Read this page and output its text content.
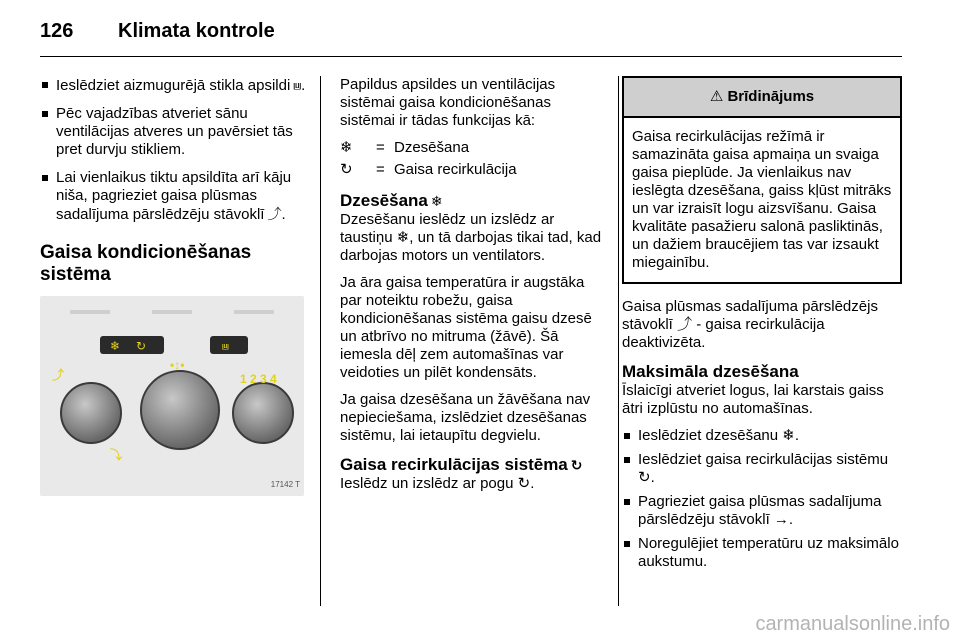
126 Klimata kontrole
Ieslēdziet aizmugurējā stikla apsildi ⩏.
Pēc vajadzības atveriet sānu ventilācijas atveres un pavērsiet tās pret durvju stikliem.
Lai vienlaikus tiktu apsildīta arī kāju niša, pagrieziet gaisa plūsmas sadalījuma pārslēdzēju stāvoklī ⤴.
Gaisa kondicionēšanas sistēma
❄ ↻	⩏
•↕•
1 2 3 4
⤴
⤵
17142 T

Papildus apsildes un ventilācijas sistēmai gaisa kondicionēšanas sistēmai ir tādas funkcijas kā:

❄	= Dzesēšana
↻	= Gaisa recirkulācija
Dzesēšana ❄

Dzesēšanu ieslēdz un izslēdz ar taustiņu ❄, un tā darbojas tikai tad, kad darbojas motors un ventilators.

Ja āra gaisa temperatūra ir augstāka par noteiktu robežu, gaisa kondicionēšanas sistēma gaisu dzesē un atbrīvo no mitruma (žāvē). Šā iemesla dēļ zem automašīnas var veidoties un pilēt kondensāts.

Ja gaisa dzesēšana un žāvēšana nav nepieciešama, izslēdziet dzesēšanas sistēmu, lai ietaupītu degvielu.

Gaisa recirkulācijas sistēma ↻

Ieslēdz un izslēdz ar pogu ↻.

⚠ Brīdinājums
Gaisa recirkulācijas režīmā ir samazināta gaisa apmaiņa un svaiga gaisa pieplūde. Ja vienlaikus nav ieslēgta dzesēšana, gaiss kļūst mitrāks un var izraisīt logu aizsvīšanu. Gaisa kvalitāte pasažieru salonā pasliktinās, un dažiem braucējiem tas var izsaukt miegainību.

Gaisa plūsmas sadalījuma pārslēdzējs stāvoklī ⤴ - gaisa recirkulācija deaktivizēta.

Maksimāla dzesēšana

Īslaicīgi atveriet logus, lai karstais gaiss ātri izplūstu no automašīnas.

Ieslēdziet dzesēšanu ❄.
Ieslēdziet gaisa recirkulācijas sistēmu ↻.
Pagrieziet gaisa plūsmas sadalījuma pārslēdzēju stāvoklī →.
Noregulējiet temperatūru uz maksimālo aukstumu.
carmanualsonline.info
